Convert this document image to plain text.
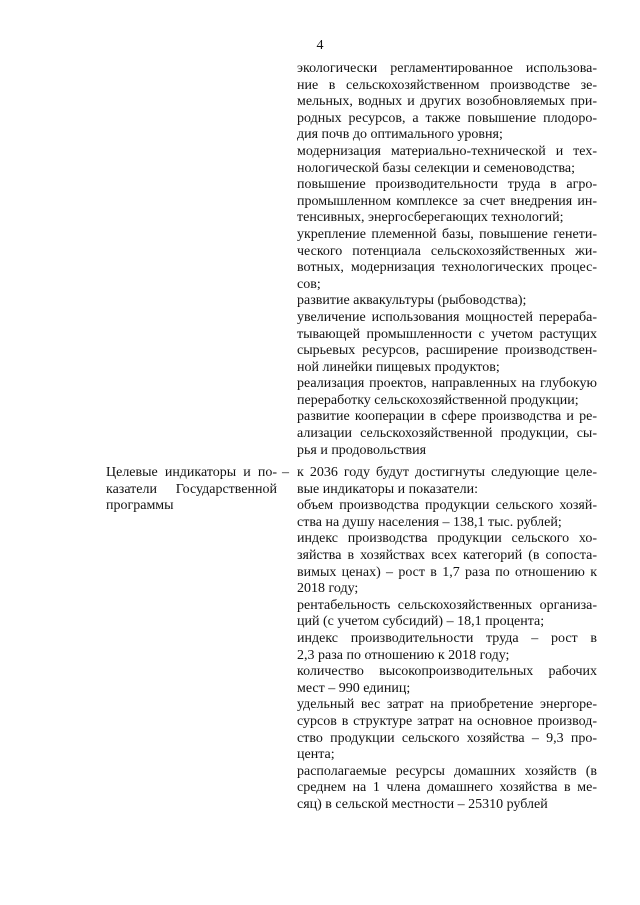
4
экологически регламентированное использова-
ние в сельскохозяйственном производстве зе-
мельных, водных и других возобновляемых при-
родных ресурсов, а также повышение плодоро-
дия почв до оптимального уровня;
модернизация материально-технической и тех-
нологической базы селекции и семеноводства;
повышение производительности труда в агро-
промышленном комплексе за счет внедрения ин-
тенсивных, энергосберегающих технологий;
укрепление племенной базы, повышение генети-
ческого потенциала сельскохозяйственных жи-
вотных, модернизация технологических процес-
сов;
развитие аквакультуры (рыбоводства);
увеличение использования мощностей перераба-
тывающей промышленности с учетом растущих
сырьевых ресурсов, расширение производствен-
ной линейки пищевых продуктов;
реализация проектов, направленных на глубокую
переработку сельскохозяйственной продукции;
развитие кооперации в сфере производства и ре-
ализации сельскохозяйственной продукции, сы-
рья и продовольствия
Целевые индикаторы и по-
казатели Государственной
программы
– к 2036 году будут достигнуты следующие целе-
вые индикаторы и показатели:
объем производства продукции сельского хозяй-
ства на душу населения – 138,1 тыс. рублей;
индекс производства продукции сельского хо-
зяйства в хозяйствах всех категорий (в сопоста-
вимых ценах) – рост в 1,7 раза по отношению к
2018 году;
рентабельность сельскохозяйственных организа-
ций (с учетом субсидий) – 18,1 процента;
индекс производительности труда – рост в
2,3 раза по отношению к 2018 году;
количество высокопроизводительных рабочих
мест – 990 единиц;
удельный вес затрат на приобретение энергоре-
сурсов в структуре затрат на основное производ-
ство продукции сельского хозяйства – 9,3 про-
цента;
располагаемые ресурсы домашних хозяйств (в
среднем на 1 члена домашнего хозяйства в ме-
сяц) в сельской местности – 25310 рублей
